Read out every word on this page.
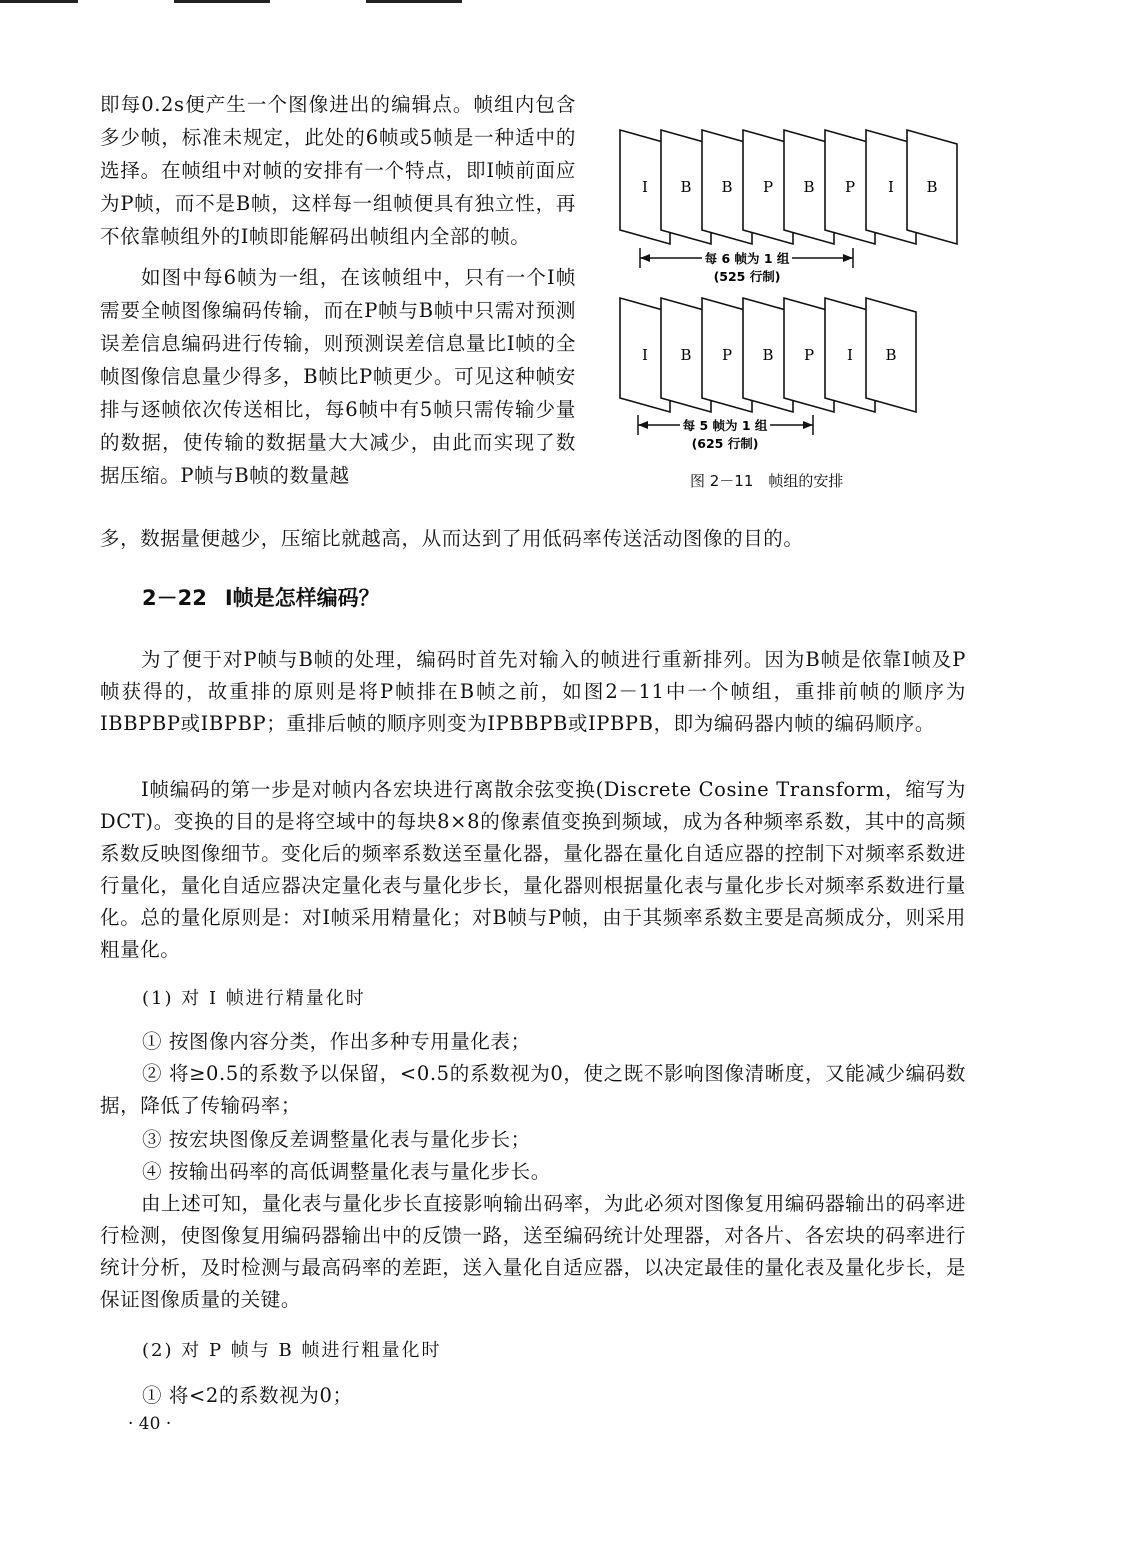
即每0.2s便产生一个图像进出的编辑点。帧组内包含多少帧，标准未规定，此处的6帧或5帧是一种适中的选择。在帧组中对帧的安排有一个特点，即I帧前面应为P帧，而不是B帧，这样每一组帧便具有独立性，再不依靠帧组外的I帧即能解码出帧组内全部的帧。

如图中每6帧为一组，在该帧组中，只有一个I帧需要全帧图像编码传输，而在P帧与B帧中只需对预测误差信息编码进行传输，则预测误差信息量比I帧的全帧图像信息量少得多，B帧比P帧更少。可见这种帧安排与逐帧依次传送相比，每6帧中有5帧只需传输少量的数据，使传输的数据量大大减少，由此而实现了数据压缩。P帧与B帧的数量越

I B B P B P I B
I B P B P I B
每 6 帧为 1 组
(525 行制)
每 5 帧为 1 组
(625 行制)

图 2－11　帧组的安排

多，数据量便越少，压缩比就越高，从而达到了用低码率传送活动图像的目的。

2－22 I帧是怎样编码？

为了便于对P帧与B帧的处理，编码时首先对输入的帧进行重新排列。因为B帧是依靠I帧及P帧获得的，故重排的原则是将P帧排在B帧之前，如图2－11中一个帧组，重排前帧的顺序为IBBPBP或IBPBP；重排后帧的顺序则变为IPBBPB或IPBPB，即为编码器内帧的编码顺序。

I帧编码的第一步是对帧内各宏块进行离散余弦变换(Discrete Cosine Transform，缩写为DCT)。变换的目的是将空域中的每块8×8的像素值变换到频域，成为各种频率系数，其中的高频系数反映图像细节。变化后的频率系数送至量化器，量化器在量化自适应器的控制下对频率系数进行量化，量化自适应器决定量化表与量化步长，量化器则根据量化表与量化步长对频率系数进行量化。总的量化原则是：对I帧采用精量化；对B帧与P帧，由于其频率系数主要是高频成分，则采用粗量化。

(1) 对 I 帧进行精量化时

① 按图像内容分类，作出多种专用量化表；

② 将≥0.5的系数予以保留，<0.5的系数视为0，使之既不影响图像清晰度，又能减少编码数据，降低了传输码率；

③ 按宏块图像反差调整量化表与量化步长；

④ 按输出码率的高低调整量化表与量化步长。

由上述可知，量化表与量化步长直接影响输出码率，为此必须对图像复用编码器输出的码率进行检测，使图像复用编码器输出中的反馈一路，送至编码统计处理器，对各片、各宏块的码率进行统计分析，及时检测与最高码率的差距，送入量化自适应器，以决定最佳的量化表及量化步长，是保证图像质量的关键。

(2) 对 P 帧与 B 帧进行粗量化时

① 将<2的系数视为0；

· 40 ·
